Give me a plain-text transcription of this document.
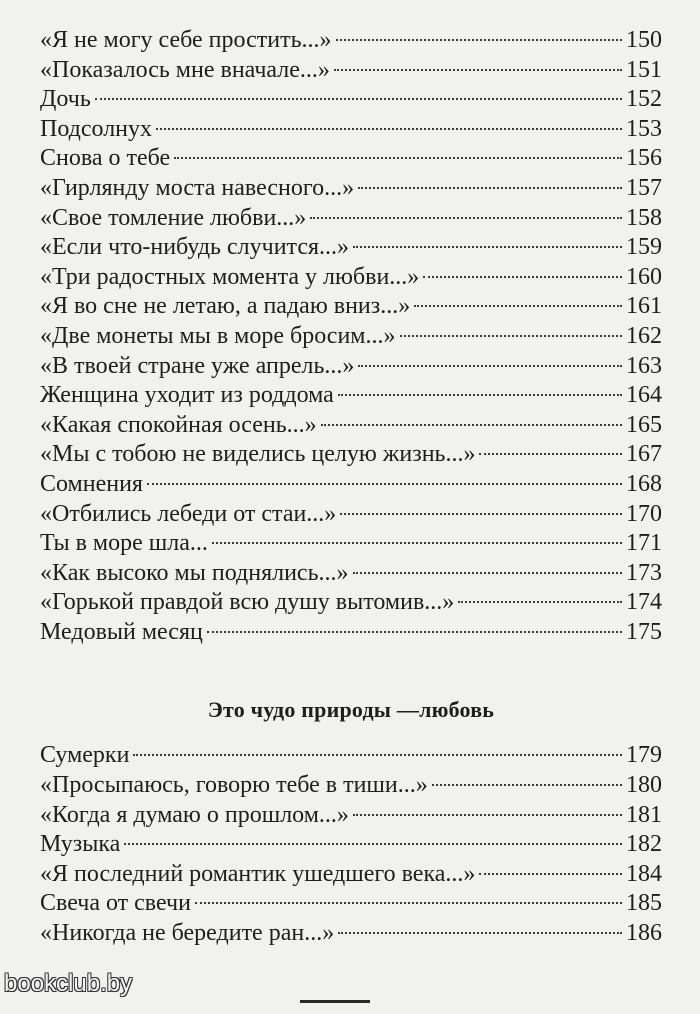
«Я не могу себе простить...»	150
«Показалось мне вначале...»	151
Дочь	152
Подсолнух	153
Снова о тебе	156
«Гирлянду моста навесного...»	157
«Свое томление любви...»	158
«Если что-нибудь случится...»	159
«Три радостных момента у любви...»	160
«Я во сне не летаю, а падаю вниз...»	161
«Две монеты мы в море бросим...»	162
«В твоей стране уже апрель...»	163
Женщина уходит из роддома	164
«Какая спокойная осень...»	165
«Мы с тобою не виделись целую жизнь...»	167
Сомнения	168
«Отбились лебеди от стаи...»	170
Ты в море шла...	171
«Как высоко мы поднялись...»	173
«Горькой правдой всю душу вытомив...»	174
Медовый месяц	175
Это чудо природы —любовь
Сумерки	179
«Просыпаюсь, говорю тебе в тиши...»	180
«Когда я думаю о прошлом...»	181
Музыка	182
«Я последний романтик ушедшего века...»	184
Свеча от свечи	185
«Никогда не бередите ран...»	186
bookclub.by
